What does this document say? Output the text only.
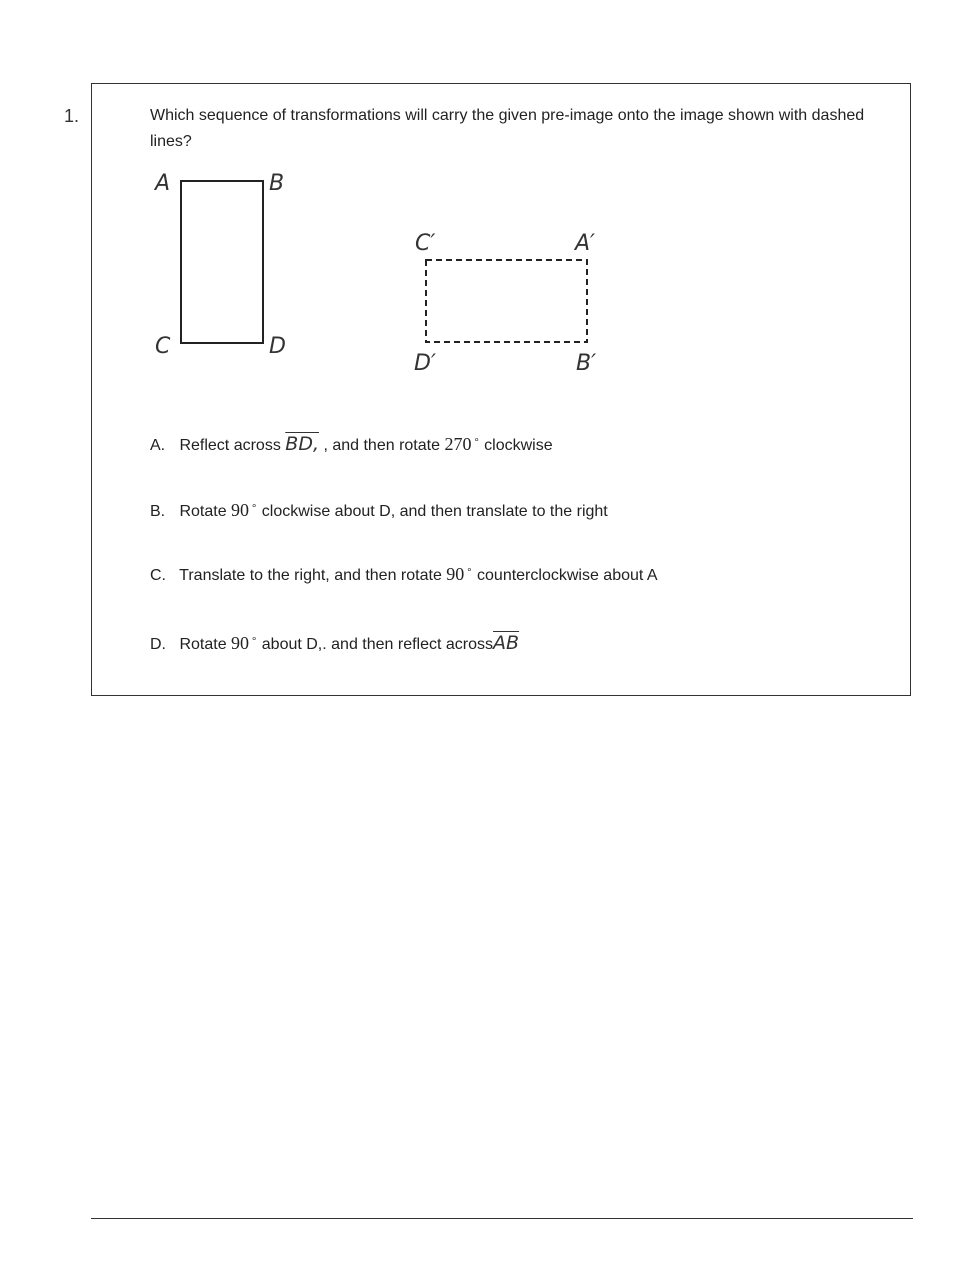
1.	Which sequence of transformations will carry the given pre-image onto the image shown with dashed lines?
A	B
C	D
C′	A′
D′	B′
A. Reflect across BD, , and then rotate 270 ∘ clockwise
B. Rotate 90 ∘ clockwise about D, and then translate to the right
C. Translate to the right, and then rotate 90 ∘ counterclockwise about A
D. Rotate 90 ∘ about D,. and then reflect $across\overline{AB}$
